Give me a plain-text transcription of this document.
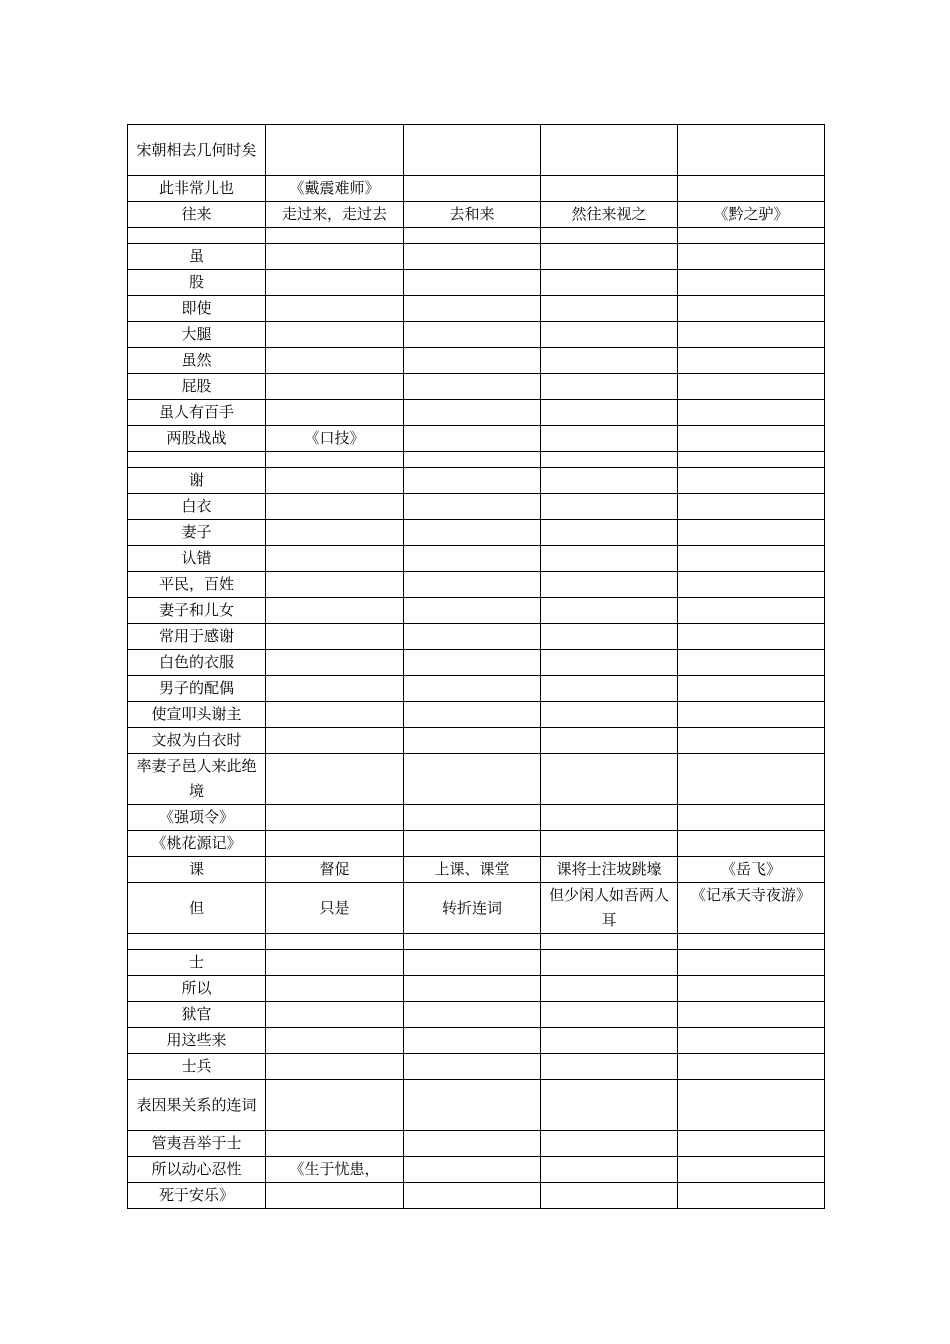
宋朝相去几何时矣				
此非常儿也	《戴震难师》			
往来	走过来，走过去	去和来	然往来视之	《黔之驴》

虽				
股				
即使				
大腿				
虽然				
屁股				
虽人有百手				
两股战战	《口技》			

谢				
白衣				
妻子				
认错				
平民，百姓				
妻子和儿女				
常用于感谢				
白色的衣服				
男子的配偶				
使宣叩头谢主				
文叔为白衣时				
率妻子邑人来此绝境				
《强项令》				
《桃花源记》				
课	督促	上课、课堂	课将士注坡跳壕	《岳飞》
但	只是	转折连词	但少闲人如吾两人耳	《记承天寺夜游》

士				
所以				
狱官				
用这些来				
士兵				
表因果关系的连词				
管夷吾举于士				
所以动心忍性	《生于忧患，			
死于安乐》				
